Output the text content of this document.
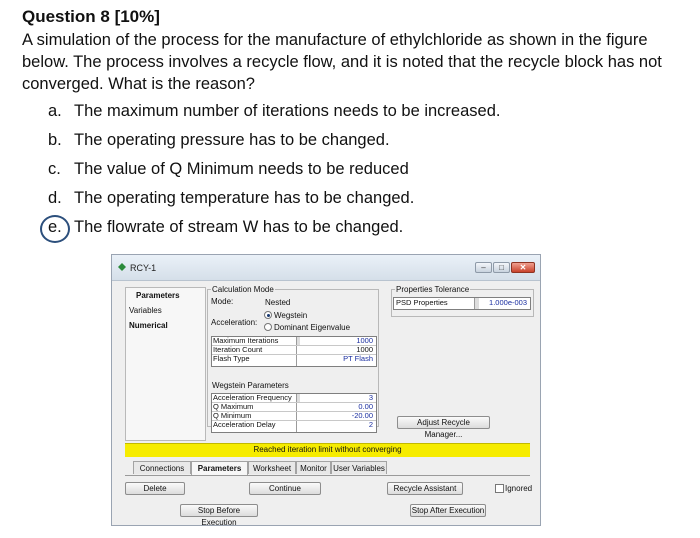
Question 8 [10%]
A simulation of the process for the manufacture of ethylchloride as shown in the figure below. The process involves a recycle flow, and it is noted that the recycle block has not converged. What is the reason?
a. The maximum number of iterations needs to be increased.
b. The operating pressure has to be changed.
c. The value of Q Minimum needs to be reduced
d. The operating temperature has to be changed.
e. The flowrate of stream W has to be changed.
RCY-1	–	□	✕
Parameters
Variables
Numerical
Calculation Mode
Mode:	Nested
Acceleration:
Wegstein
Dominant Eigenvalue
Maximum Iterations	1000
Iteration Count	1000
Flash Type	PT Flash
Wegstein Parameters
Acceleration Frequency	3
Q Maximum	0.00
Q Minimum	-20.00
Acceleration Delay	2
Properties Tolerance
PSD Properties	1.000e-003
Adjust Recycle Manager...
Reached iteration limit without converging
Connections	Parameters	Worksheet	Monitor User Variables
Delete	Continue	Recycle Assistant	Ignored
Stop Before Execution
Stop After Execution
